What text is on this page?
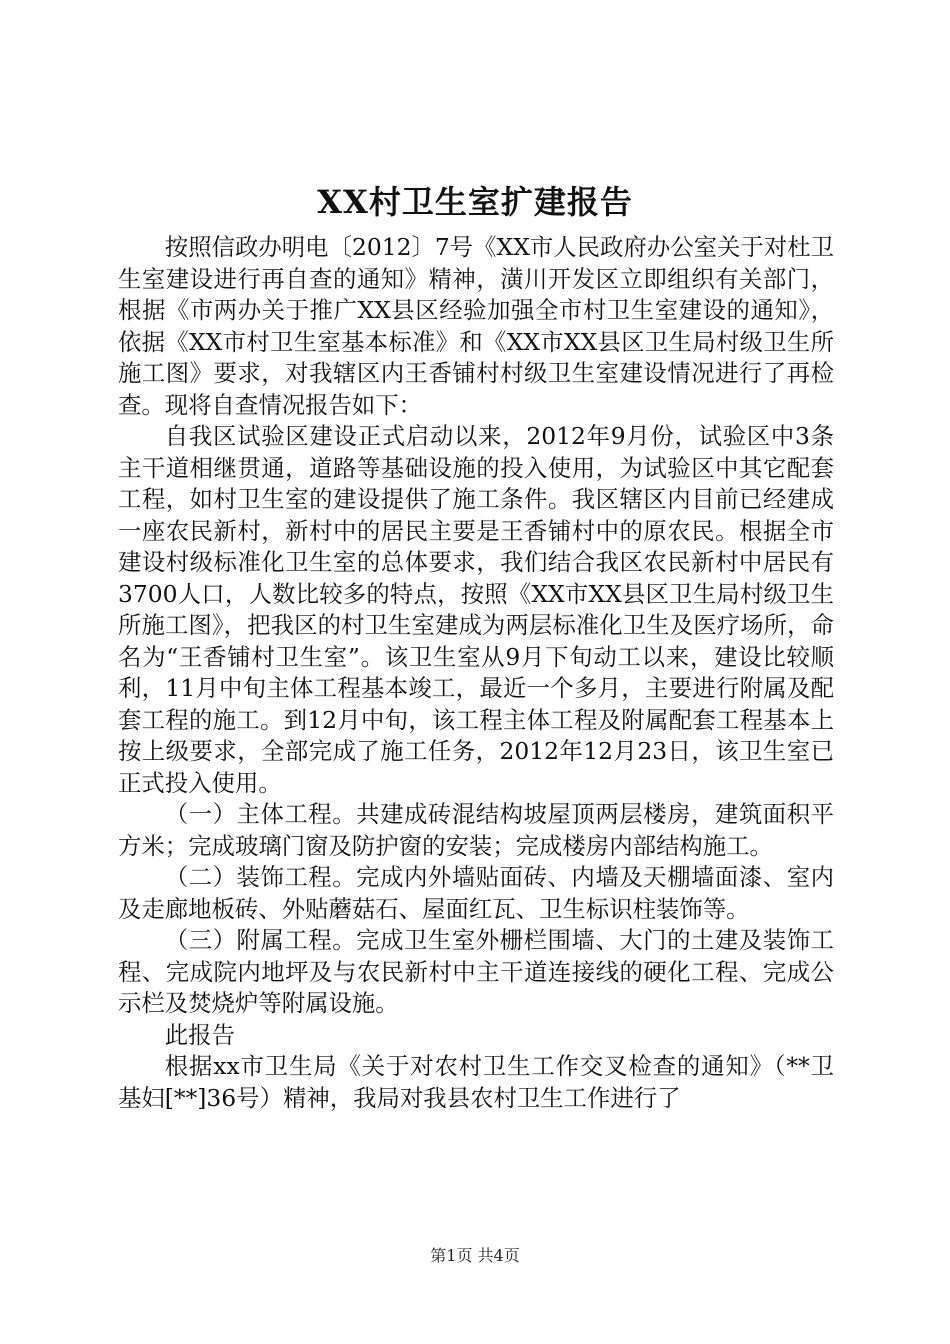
XX村卫生室扩建报告

按照信政办明电〔2012〕7号《XX市人民政府办公室关于对杜卫生室建设进行再自查的通知》精神，潢川开发区立即组织有关部门，根据《市两办关于推广XX县区经验加强全市村卫生室建设的通知》，依据《XX市村卫生室基本标准》和《XX市XX县区卫生局村级卫生所施工图》要求，对我辖区内王香铺村村级卫生室建设情况进行了再检查。现将自查情况报告如下：

自我区试验区建设正式启动以来，2012年9月份，试验区中3条主干道相继贯通，道路等基础设施的投入使用，为试验区中其它配套工程，如村卫生室的建设提供了施工条件。我区辖区内目前已经建成一座农民新村，新村中的居民主要是王香铺村中的原农民。根据全市建设村级标准化卫生室的总体要求，我们结合我区农民新村中居民有3700人口，人数比较多的特点，按照《XX市XX县区卫生局村级卫生所施工图》，把我区的村卫生室建成为两层标准化卫生及医疗场所，命名为“王香铺村卫生室”。该卫生室从9月下旬动工以来，建设比较顺利，11月中旬主体工程基本竣工，最近一个多月，主要进行附属及配套工程的施工。到12月中旬，该工程主体工程及附属配套工程基本上按上级要求，全部完成了施工任务，2012年12月23日，该卫生室已正式投入使用。

（一）主体工程。共建成砖混结构坡屋顶两层楼房，建筑面积平方米；完成玻璃门窗及防护窗的安装；完成楼房内部结构施工。

（二）装饰工程。完成内外墙贴面砖、内墙及天棚墙面漆、室内及走廊地板砖、外贴蘑菇石、屋面红瓦、卫生标识柱装饰等。

（三）附属工程。完成卫生室外栅栏围墙、大门的土建及装饰工程、完成院内地坪及与农民新村中主干道连接线的硬化工程、完成公示栏及焚烧炉等附属设施。

此报告

根据xx市卫生局《关于对农村卫生工作交叉检查的通知》（**卫基妇[**]36号）精神，我局对我县农村卫生工作进行了

第1页 共4页
